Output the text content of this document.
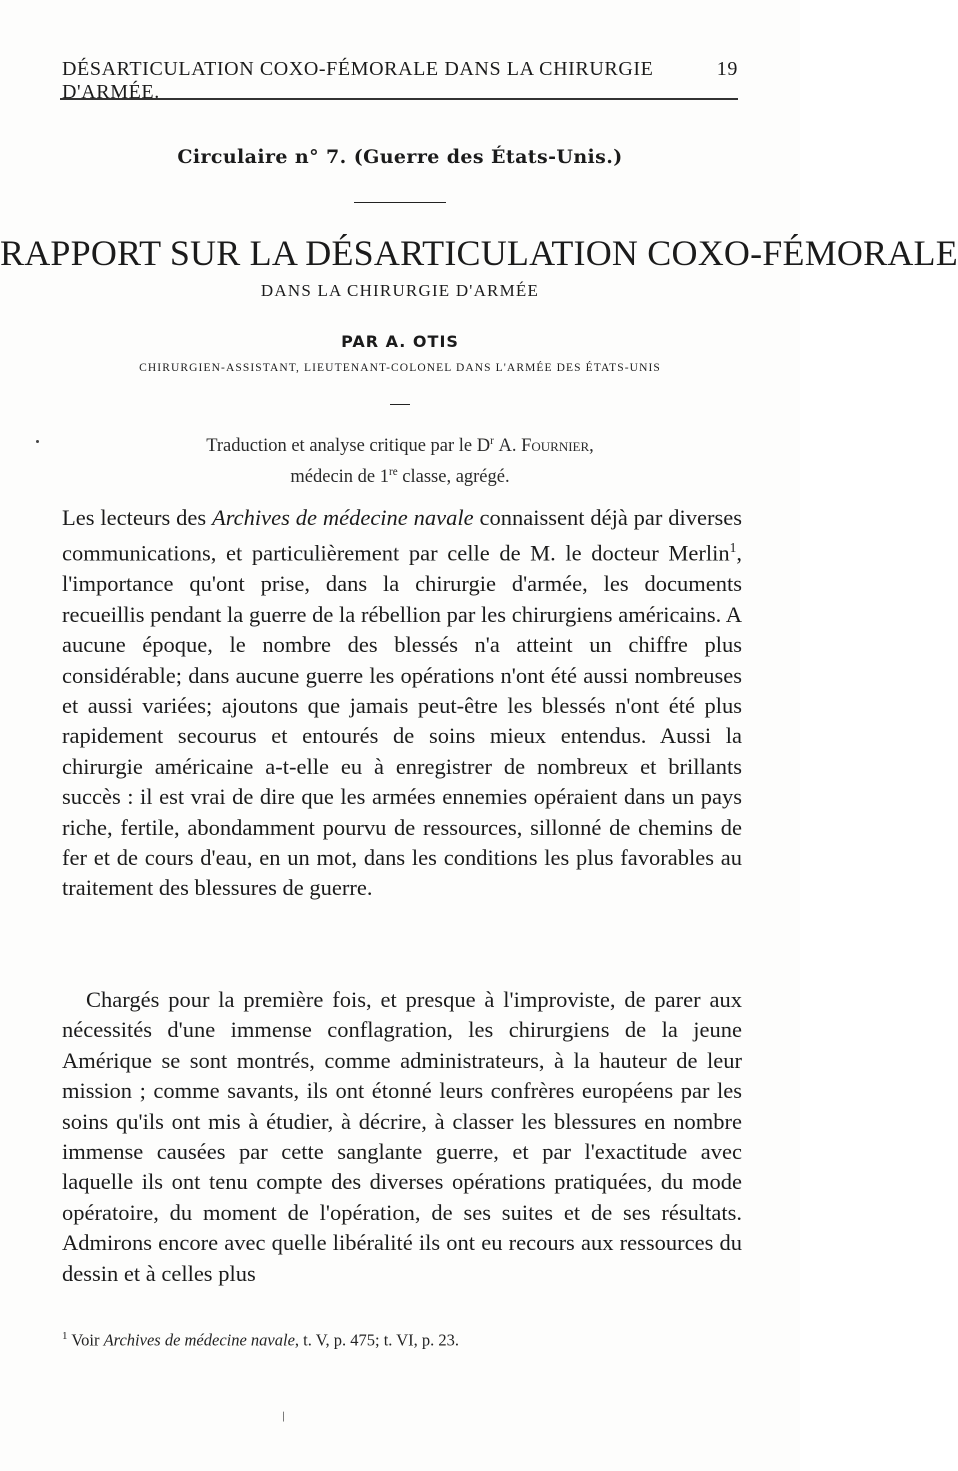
DÉSARTICULATION COXO-FÉMORALE DANS LA CHIRURGIE D'ARMÉE.
19
Circulaire n° 7. (Guerre des États-Unis.)
RAPPORT SUR LA DÉSARTICULATION COXO-FÉMORALE
DANS LA CHIRURGIE D'ARMÉE
PAR A. OTIS
CHIRURGIEN-ASSISTANT, LIEUTENANT-COLONEL DANS L'ARMÉE DES ÉTATS-UNIS
Traduction et analyse critique par le $D^r$ A. Fournier,
médecin de 1re classe, agrégé.
Les lecteurs des Archives de médecine navale connaissent déjà par diverses communications, et particulièrement par celle de M. le docteur Merlin$^1$, l'importance qu'ont prise, dans la chirurgie d'armée, les documents recueillis pendant la guerre de la rébellion par les chirurgiens américains. A aucune époque, le nombre des blessés n'a atteint un chiffre plus considérable; dans aucune guerre les opérations n'ont été aussi nombreuses et aussi variées; ajoutons que jamais peut-être les blessés n'ont été plus rapidement secourus et entourés de soins mieux entendus. Aussi la chirurgie américaine a-t-elle eu à enregistrer de nombreux et brillants succès : il est vrai de dire que les armées ennemies opéraient dans un pays riche, fertile, abondamment pourvu de ressources, sillonné de chemins de fer et de cours d'eau, en un mot, dans les conditions les plus favorables au traitement des blessures de guerre.
Chargés pour la première fois, et presque à l'improviste, de parer aux nécessités d'une immense conflagration, les chirurgiens de la jeune Amérique se sont montrés, comme administrateurs, à la hauteur de leur mission ; comme savants, ils ont étonné leurs confrères européens par les soins qu'ils ont mis à étudier, à décrire, à classer les blessures en nombre immense causées par cette sanglante guerre, et par l'exactitude avec laquelle ils ont tenu compte des diverses opérations pratiquées, du mode opératoire, du moment de l'opération, de ses suites et de ses résultats. Admirons encore avec quelle libéralité ils ont eu recours aux ressources du dessin et à celles plus
$^1$ Voir Archives de médecine navale, t. V, p. 475; t. VI, p. 23.
/
